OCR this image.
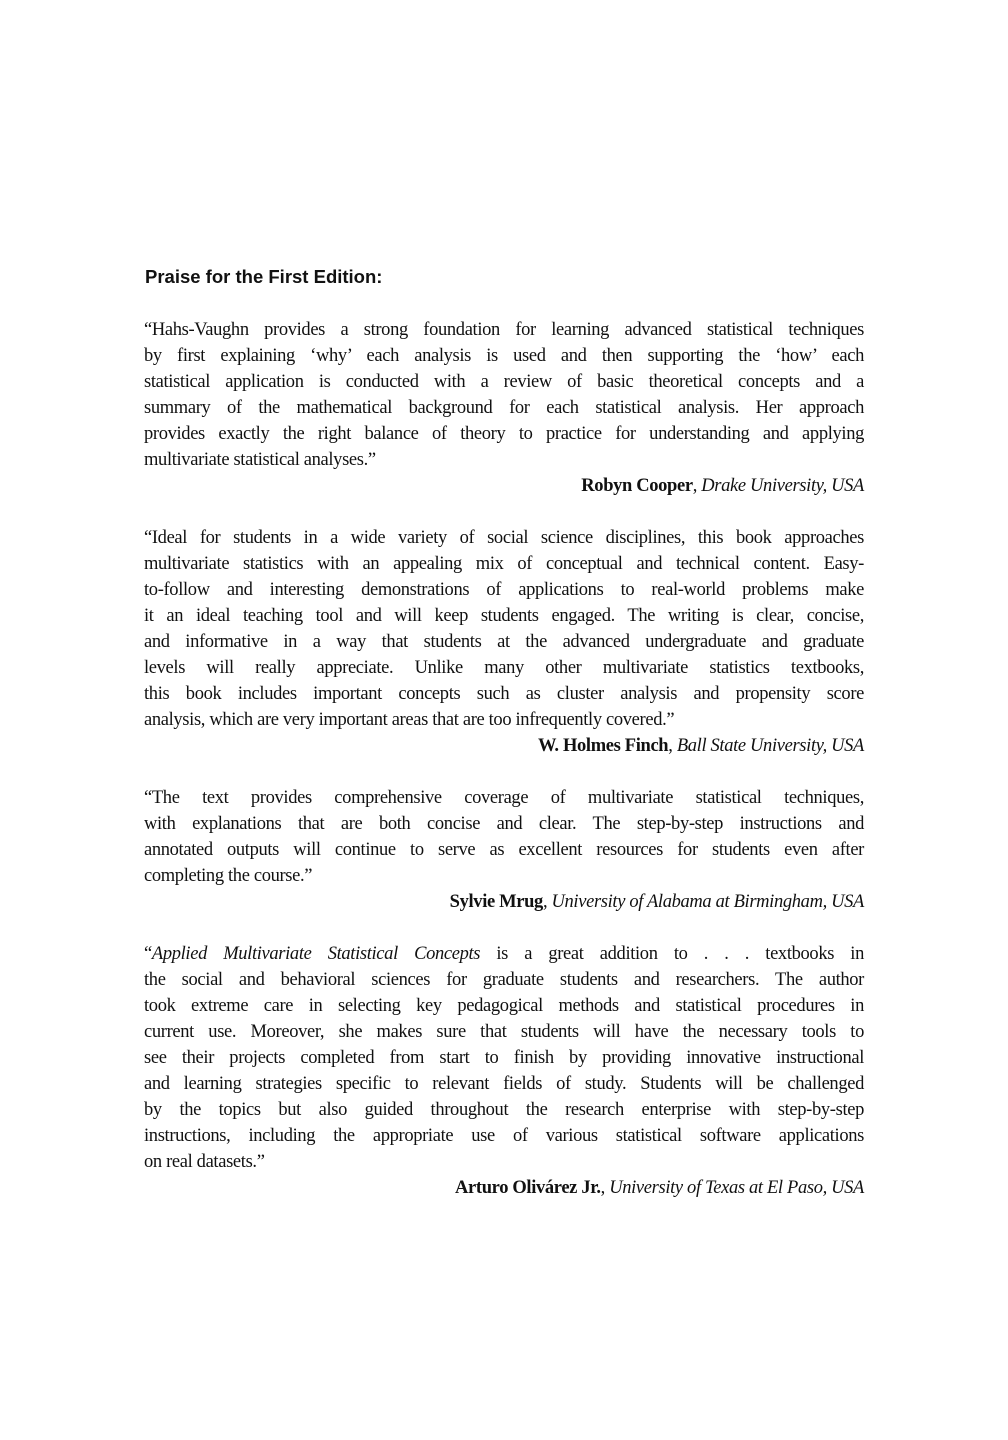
Praise for the First Edition:
“Hahs-Vaughn provides a strong foundation for learning advanced statistical techniques
by first explaining ‘why’ each analysis is used and then supporting the ‘how’ each
statistical application is conducted with a review of basic theoretical concepts and a
summary of the mathematical background for each statistical analysis. Her approach
provides exactly the right balance of theory to practice for understanding and applying
multivariate statistical analyses.”
Robyn Cooper, Drake University, USA
“Ideal for students in a wide variety of social science disciplines, this book approaches
multivariate statistics with an appealing mix of conceptual and technical content. Easy-
to-follow and interesting demonstrations of applications to real-world problems make
it an ideal teaching tool and will keep students engaged. The writing is clear, concise,
and informative in a way that students at the advanced undergraduate and graduate
levels will really appreciate. Unlike many other multivariate statistics textbooks,
this book includes important concepts such as cluster analysis and propensity score
analysis, which are very important areas that are too infrequently covered.”
W. Holmes Finch, Ball State University, USA
“The text provides comprehensive coverage of multivariate statistical techniques,
with explanations that are both concise and clear. The step-by-step instructions and
annotated outputs will continue to serve as excellent resources for students even after
completing the course.”
Sylvie Mrug, University of Alabama at Birmingham, USA
“Applied Multivariate Statistical Concepts is a great addition to . . . textbooks in
the social and behavioral sciences for graduate students and researchers. The author
took extreme care in selecting key pedagogical methods and statistical procedures in
current use. Moreover, she makes sure that students will have the necessary tools to
see their projects completed from start to finish by providing innovative instructional
and learning strategies specific to relevant fields of study. Students will be challenged
by the topics but also guided throughout the research enterprise with step-by-step
instructions, including the appropriate use of various statistical software applications
on real datasets.”
Arturo Olivárez Jr., University of Texas at El Paso, USA
